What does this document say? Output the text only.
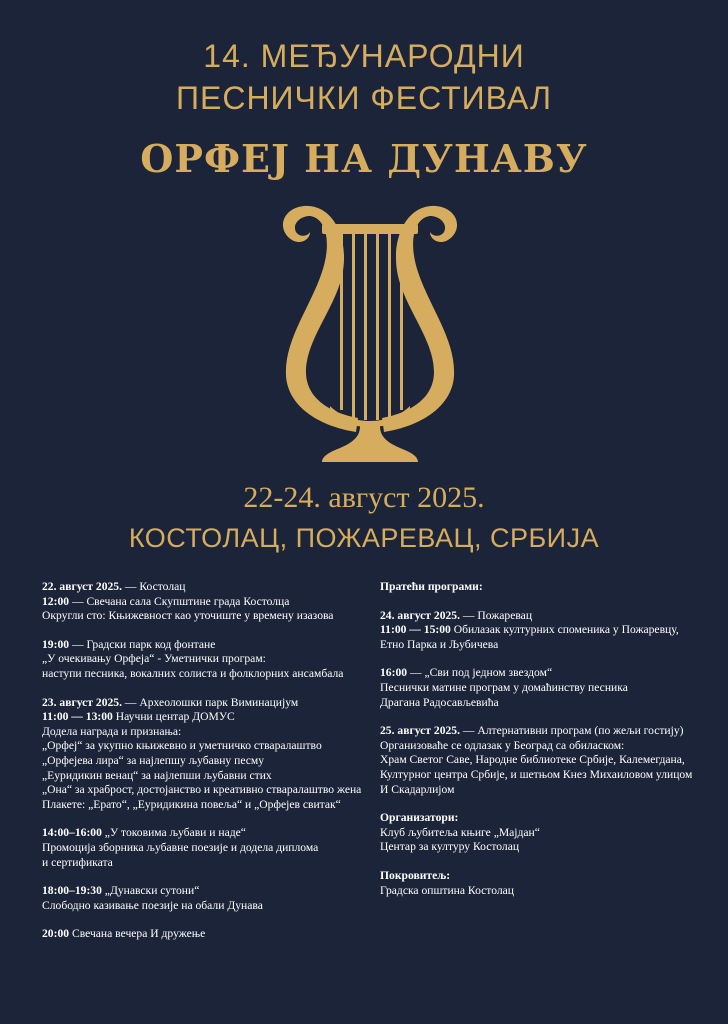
14. МЕЂУНАРОДНИ
ПЕСНИЧКИ ФЕСТИВАЛ
ОРФЕЈ НА ДУНАВУ
22-24. август 2025.
КОСТОЛАЦ, ПОЖАРЕВАЦ, СРБИЈА
22. август 2025. — Костолац
12:00 — Свечана сала Скупштине града Костолца
Округли сто: Књижевност као уточиште у времену изазова
19:00 — Градски парк код фонтане
„У очекивању Орфеја“ - Уметнички програм:
наступи песника, вокалних солиста и фолклорних ансамбала
23. август 2025. — Археолошки парк Виминацијум
11:00 — 13:00 Научни центар ДОМУС
Додела награда и признања:
„Орфеј“ за укупно књижевно и уметничко стваралаштво
„Орфејева лира“ за најлепшу љубавну песму
„Еуридикин венац“ за најлепши љубавни стих
„Она“ за храброст, достојанство и креативно стваралаштво жена
Плакете: „Ерато“, „Еуридикина повеља“ и „Орфејев свитак“
14:00–16:00 „У токовима љубави и наде“
Промоција зборника љубавне поезије и додела диплома
и сертификата
18:00–19:30 „Дунавски сутони“
Слободно казивање поезије на обали Дунава
20:00 Свечана вечера И дружење
Пратећи програми:
24. август 2025. — Пожаревац
11:00 — 15:00 Обилазак културних споменика у Пожаревцу,
Етно Парка и Љубичева
16:00 — „Сви под једном звездом“
Песнички матине програм у домаћинству песника
Драгана Радосављевића
25. август 2025. — Алтернативни програм (по жељи гостију)
Организоваће се одлазак у Београд са обиласком:
Храм Светог Саве, Народне библиотеке Србије, Калемегдана,
Културног центра Србије, и шетњом Кнез Михаиловом улицом
И Скадарлијом
Организатори:
Клуб љубитеља књиге „Мајдан“
Центар за културу Костолац
Покровитељ:
Градска општина Костолац
